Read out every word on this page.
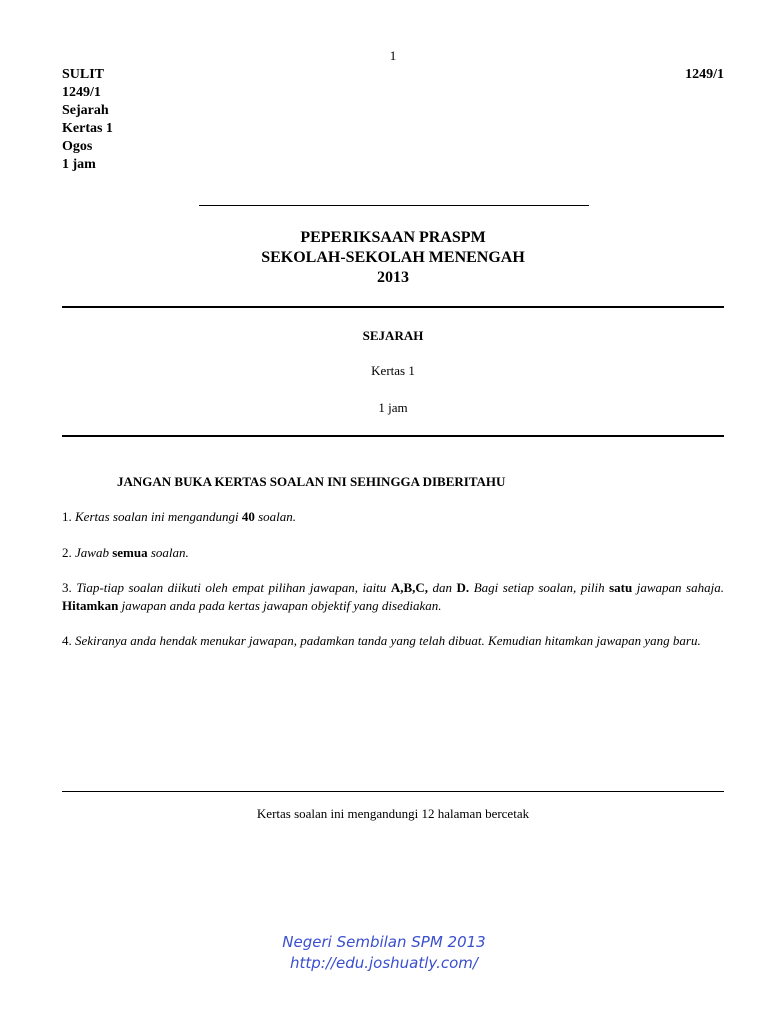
1
SULIT
1249/1
Sejarah
Kertas 1
Ogos
1 jam
1249/1
PEPERIKSAAN PRASPM
SEKOLAH-SEKOLAH MENENGAH
2013
SEJARAH
Kertas 1
1 jam
JANGAN BUKA KERTAS SOALAN INI SEHINGGA DIBERITAHU
1. Kertas soalan ini mengandungi 40 soalan.
2. Jawab semua soalan.
3. Tiap-tiap soalan diikuti oleh empat pilihan jawapan, iaitu A,B,C, dan D. Bagi setiap soalan, pilih satu jawapan sahaja. Hitamkan jawapan anda pada kertas jawapan objektif yang disediakan.
4. Sekiranya anda hendak menukar jawapan, padamkan tanda yang telah dibuat. Kemudian hitamkan jawapan yang baru.
Kertas soalan ini mengandungi 12 halaman bercetak
Negeri Sembilan SPM 2013
http://edu.joshuatly.com/
